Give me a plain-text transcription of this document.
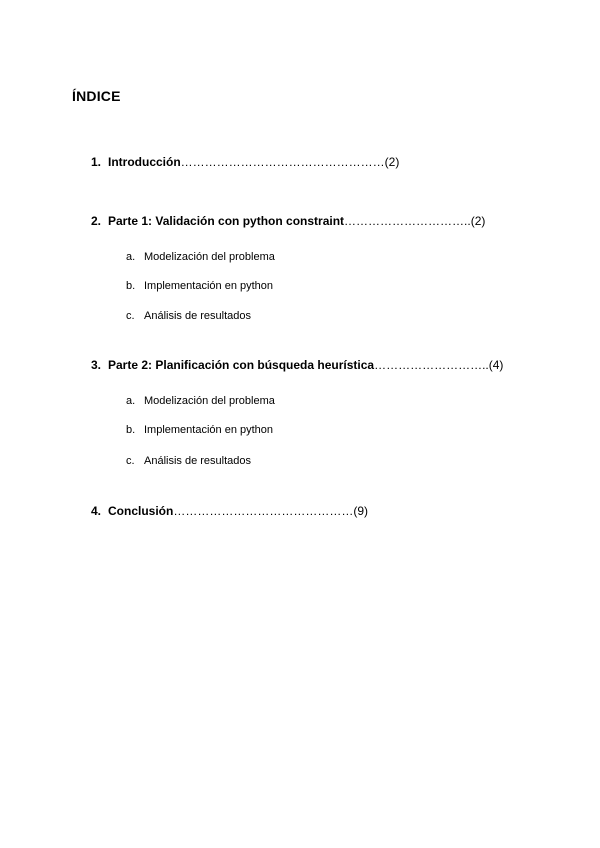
ÍNDICE
1. Introducción……………………………………………(2)
2. Parte 1: Validación con python constraint…………………………..(2)
a. Modelización del problema
b. Implementación en python
c. Análisis de resultados
3. Parte 2: Planificación con búsqueda heurística………………………..(4)
a. Modelización del problema
b. Implementación en python
c. Análisis de resultados
4. Conclusión………………………………………(9)
